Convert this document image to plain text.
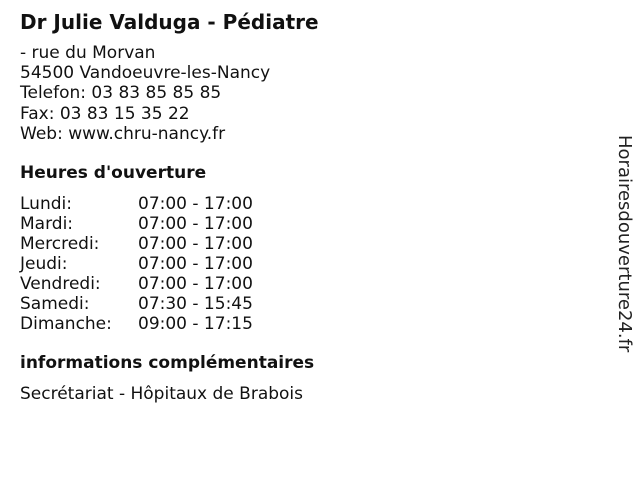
Dr Julie Valduga - Pédiatre
- rue du Morvan
54500 Vandoeuvre-les-Nancy
Telefon: 03 83 85 85 85
Fax: 03 83 15 35 22
Web: www.chru-nancy.fr
Heures d'ouverture
Lundi:	07:00 - 17:00
Mardi:	07:00 - 17:00
Mercredi: 07:00 - 17:00
Jeudi:	07:00 - 17:00
Vendredi: 07:00 - 17:00
Samedi:	07:30 - 15:45
Dimanche: 09:00 - 17:15
informations complémentaires
Secrétariat - Hôpitaux de Brabois
Horairesdouverture24.fr
